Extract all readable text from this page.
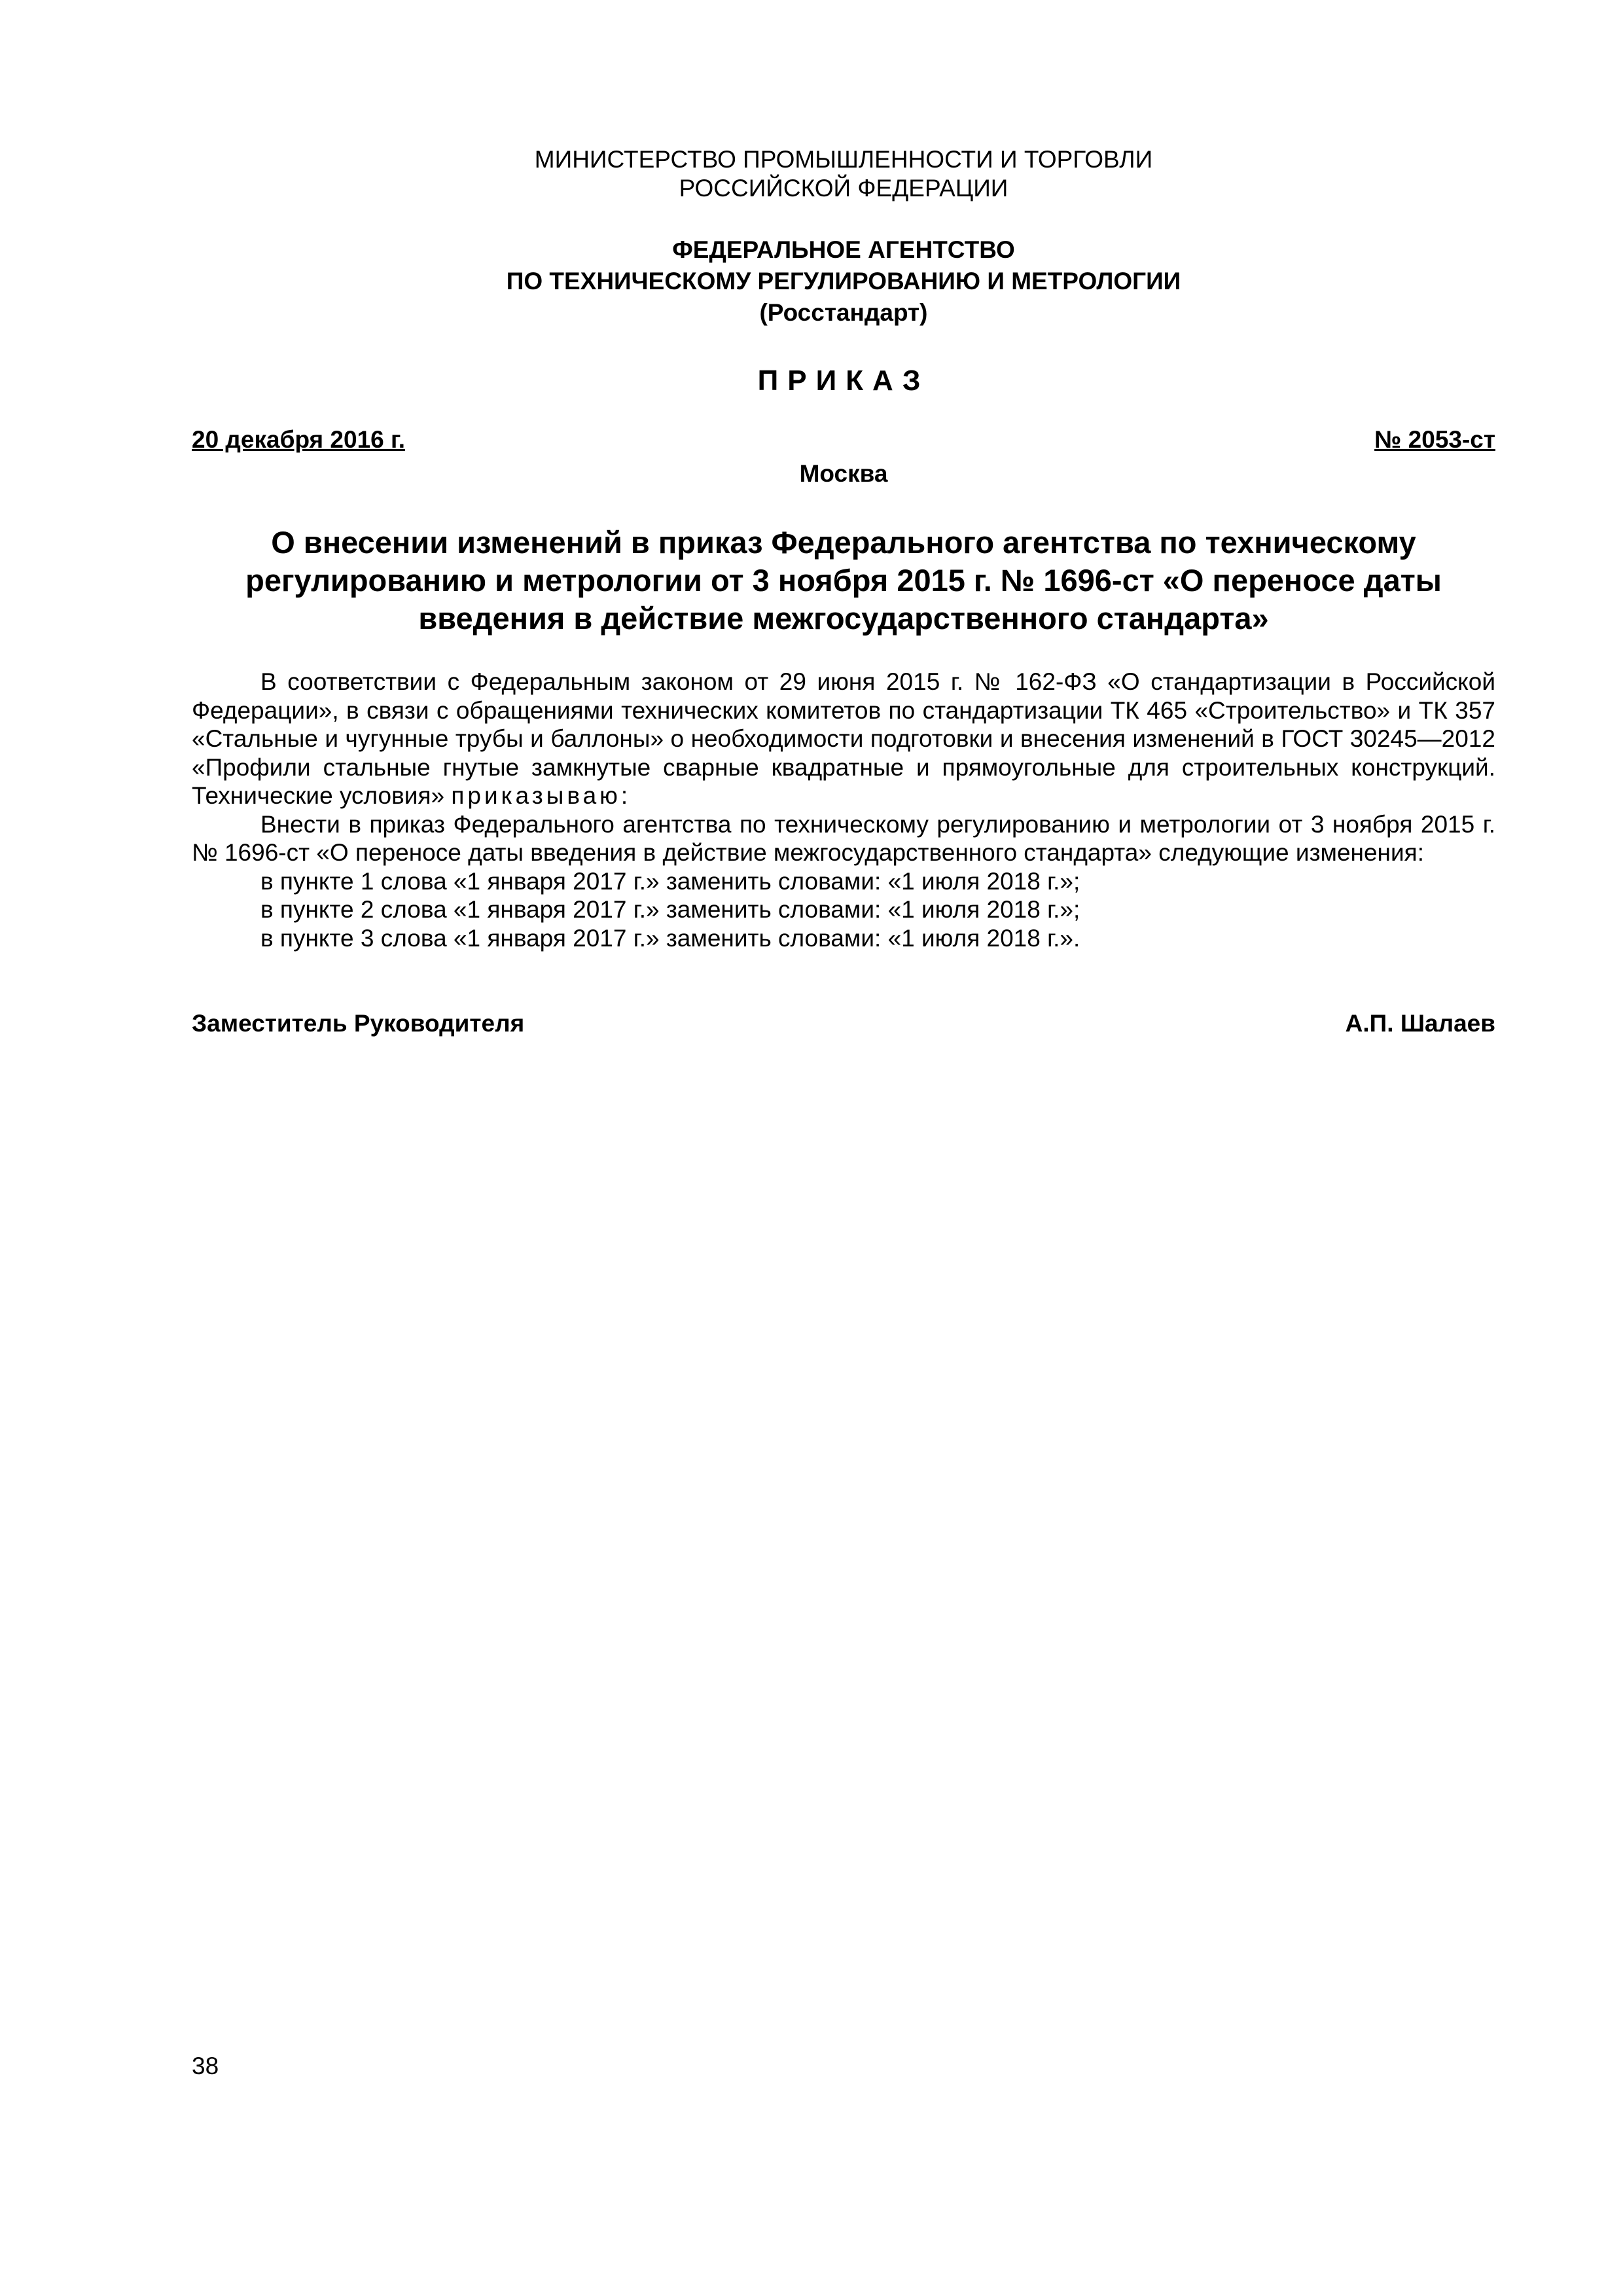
МИНИСТЕРСТВО ПРОМЫШЛЕННОСТИ И ТОРГОВЛИ
РОССИЙСКОЙ ФЕДЕРАЦИИ
ФЕДЕРАЛЬНОЕ АГЕНТСТВО
ПО ТЕХНИЧЕСКОМУ РЕГУЛИРОВАНИЮ И МЕТРОЛОГИИ
(Росстандарт)
ПРИКАЗ
20 декабря 2016 г.	№ 2053-ст
Москва
О внесении изменений в приказ Федерального агентства по техническому
регулированию и метрологии от 3 ноября 2015 г. № 1696-ст «О переносе даты
введения в действие межгосударственного стандарта»

В соответствии с Федеральным законом от 29 июня 2015 г. № 162-ФЗ «О стандартизации в Российской Федерации», в связи с обращениями технических комитетов по стандартизации ТК 465 «Строительство» и ТК 357 «Стальные и чугунные трубы и баллоны» о необходимости подготовки и внесения изменений в ГОСТ 30245—2012 «Профили стальные гнутые замкнутые сварные квадратные и прямоугольные для строительных конструкций. Технические условия» приказываю:

Внести в приказ Федерального агентства по техническому регулированию и метрологии от 3 ноября 2015 г. № 1696-ст «О переносе даты введения в действие межгосударственного стандарта» следующие изменения:

в пункте 1 слова «1 января 2017 г.» заменить словами: «1 июля 2018 г.»;

в пункте 2 слова «1 января 2017 г.» заменить словами: «1 июля 2018 г.»;

в пункте 3 слова «1 января 2017 г.» заменить словами: «1 июля 2018 г.».

Заместитель Руководителя	А.П. Шалаев
38
